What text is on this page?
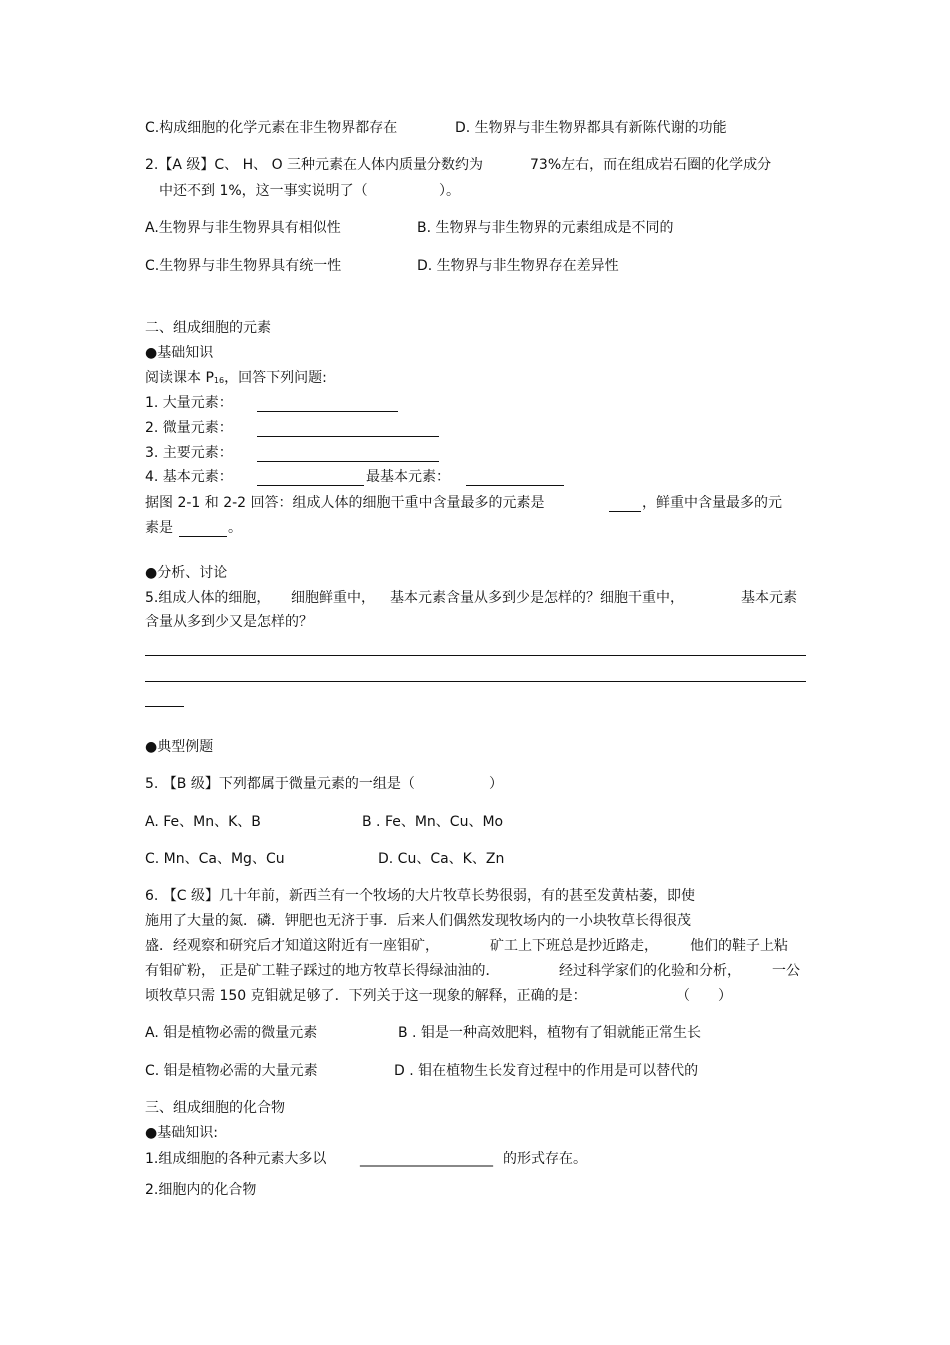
C.构成细胞的化学元素在非生物界都存在	D. 生物界与非生物界都具有新陈代谢的功能
2.【A 级】C、 H、 O 三种元素在人体内质量分数约为	73%左右，而在组成岩石圈的化学成分
中还不到 1%，这一事实说明了（	）。
A.生物界与非生物界具有相似性	B. 生物界与非生物界的元素组成是不同的
C.生物界与非生物界具有统一性	D. 生物界与非生物界存在差异性
二、组成细胞的元素
●基础知识
阅读课本 $P_{16}$，回答下列问题:
1. 大量元素：
2. 微量元素：
3. 主要元素：
4. 基本元素：	最基本元素：
据图 2-1 和 2-2 回答：组成人体的细胞干重中含量最多的元素是	，鲜重中含量最多的元
素是	。
●分析、讨论
5.组成人体的细胞， 细胞鲜重中， 基本元素含量从多到少是怎样的？细胞干重中，	基本元素
含量从多到少又是怎样的？
●典型例题
5. 【B 级】下列都属于微量元素的一组是（	）
A. Fe、Mn、K、B	B . Fe、Mn、Cu、Mo
C. Mn、Ca、Mg、Cu	D. Cu、Ca、K、Zn
6. 【C 级】几十年前，新西兰有一个牧场的大片牧草长势很弱，有的甚至发黄枯萎，即使
施用了大量的氮．磷．钾肥也无济于事．后来人们偶然发现牧场内的一小块牧草长得很茂
盛．经观察和研究后才知道这附近有一座钼矿，	矿工上下班总是抄近路走， 他们的鞋子上粘
有钼矿粉， 正是矿工鞋子踩过的地方牧草长得绿油油的．	经过科学家们的化验和分析， 一公
顷牧草只需 150 克钼就足够了．下列关于这一现象的解释，正确的是：	（ ）
A. 钼是植物必需的微量元素	B . 钼是一种高效肥料，植物有了钼就能正常生长
C. 钼是植物必需的大量元素	D . 钼在植物生长发育过程中的作用是可以替代的
三、组成细胞的化合物
●基础知识:
1.组成细胞的各种元素大多以 ___________________ 的形式存在。
2.细胞内的化合物
